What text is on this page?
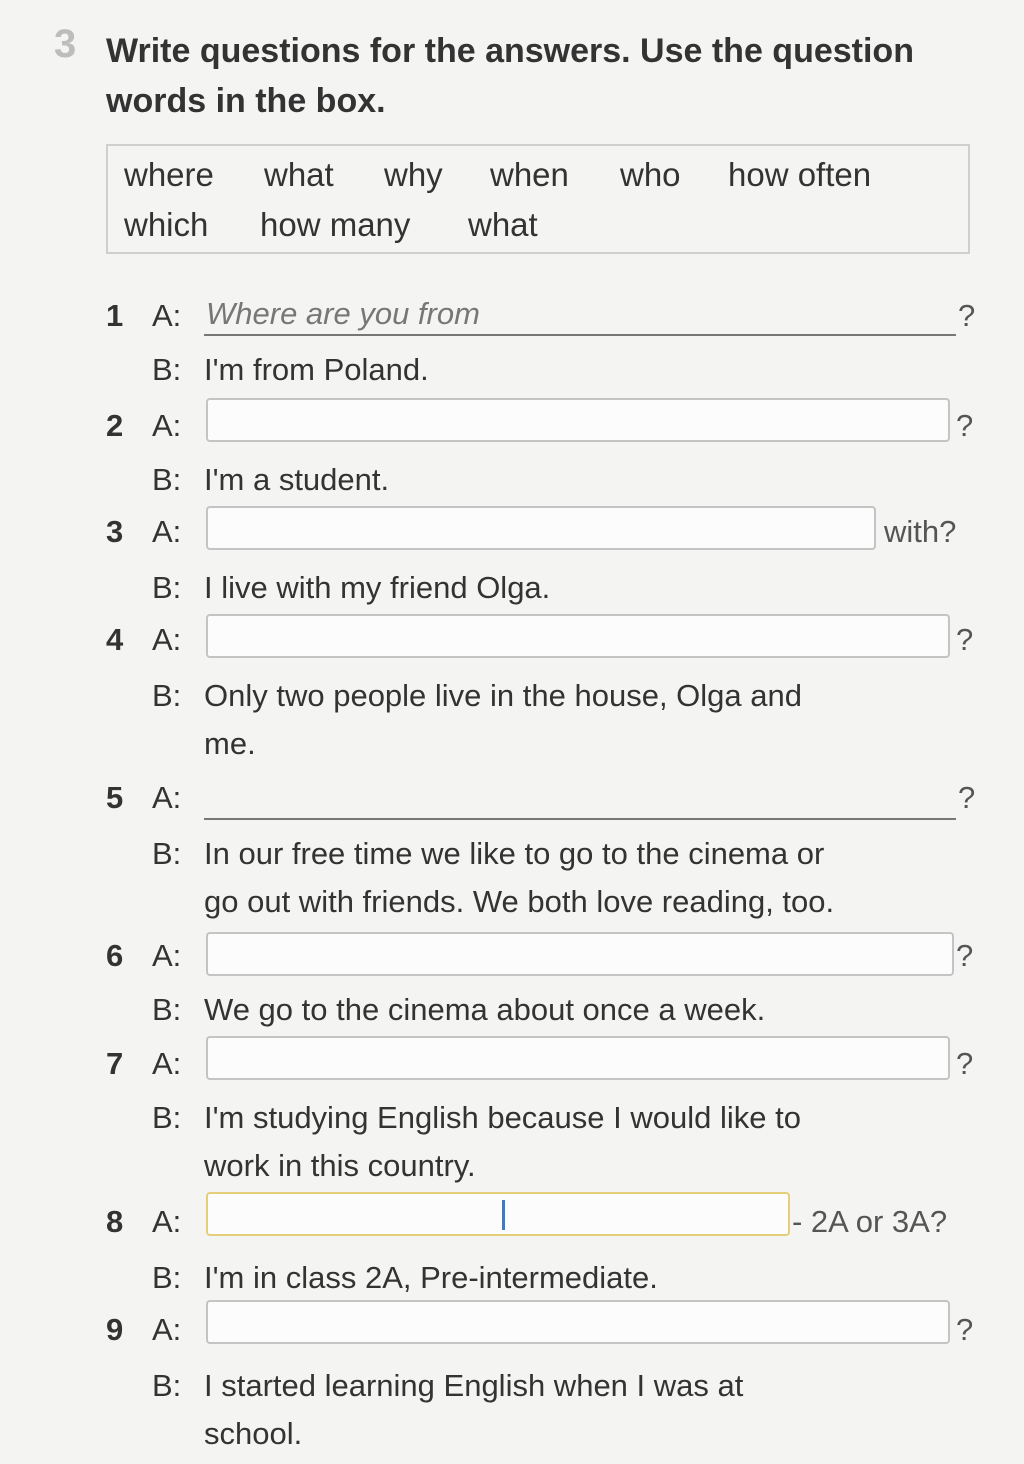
3 Write questions for the answers. Use the question
words in the box.
where what why when who how often
which how many what
1 A: Where are you from	?
B: I'm from Poland.
2 A:	?
B: I'm a student.
3 A:	with?
B: I live with my friend Olga.
4 A:	?
B: Only two people live in the house, Olga and
me.
5 A:	?
B: In our free time we like to go to the cinema or
go out with friends. We both love reading, too.
6 A:	?
B: We go to the cinema about once a week.
7 A:	?
B: I'm studying English because I would like to
work in this country.
8 A:	- 2A or 3A?
B: I'm in class 2A, Pre-intermediate.
9 A:	?
B: I started learning English when I was at
school.
